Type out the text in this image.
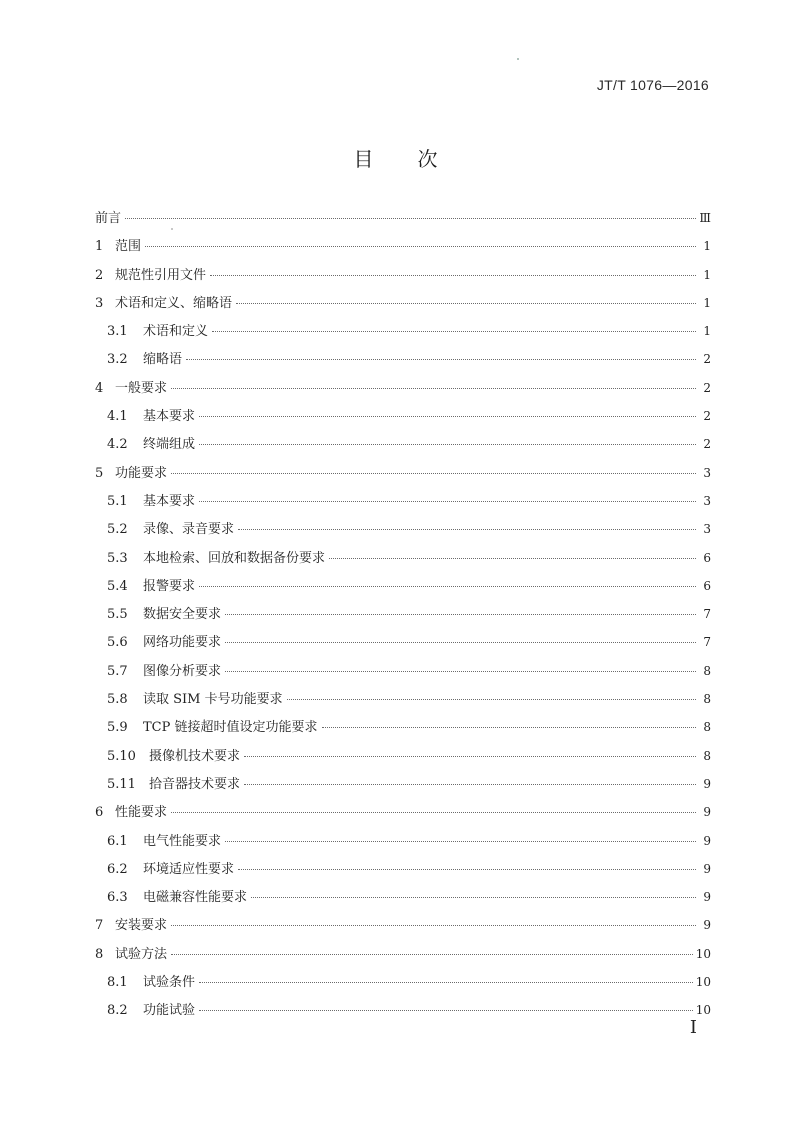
JT/T 1076—2016
目 次
前言	Ⅲ
1 范围	1
2 规范性引用文件	1
3 术语和定义、缩略语	1
3.1	术语和定义	1
3.2	缩略语	2
4 一般要求	2
4.1	基本要求	2
4.2	终端组成	2
5 功能要求	3
5.1	基本要求	3
5.2	录像、录音要求	3
5.3	本地检索、回放和数据备份要求	6
5.4	报警要求	6
5.5	数据安全要求	7
5.6	网络功能要求	7
5.7	图像分析要求	8
5.8	读取 SIM 卡号功能要求	8
5.9	TCP 链接超时值设定功能要求	8
5.10	摄像机技术要求	8
5.11	拾音器技术要求	9
6 性能要求	9
6.1	电气性能要求	9
6.2	环境适应性要求	9
6.3	电磁兼容性能要求	9
7 安装要求	9
8 试验方法	10
8.1	试验条件	10
8.2	功能试验	10
I
